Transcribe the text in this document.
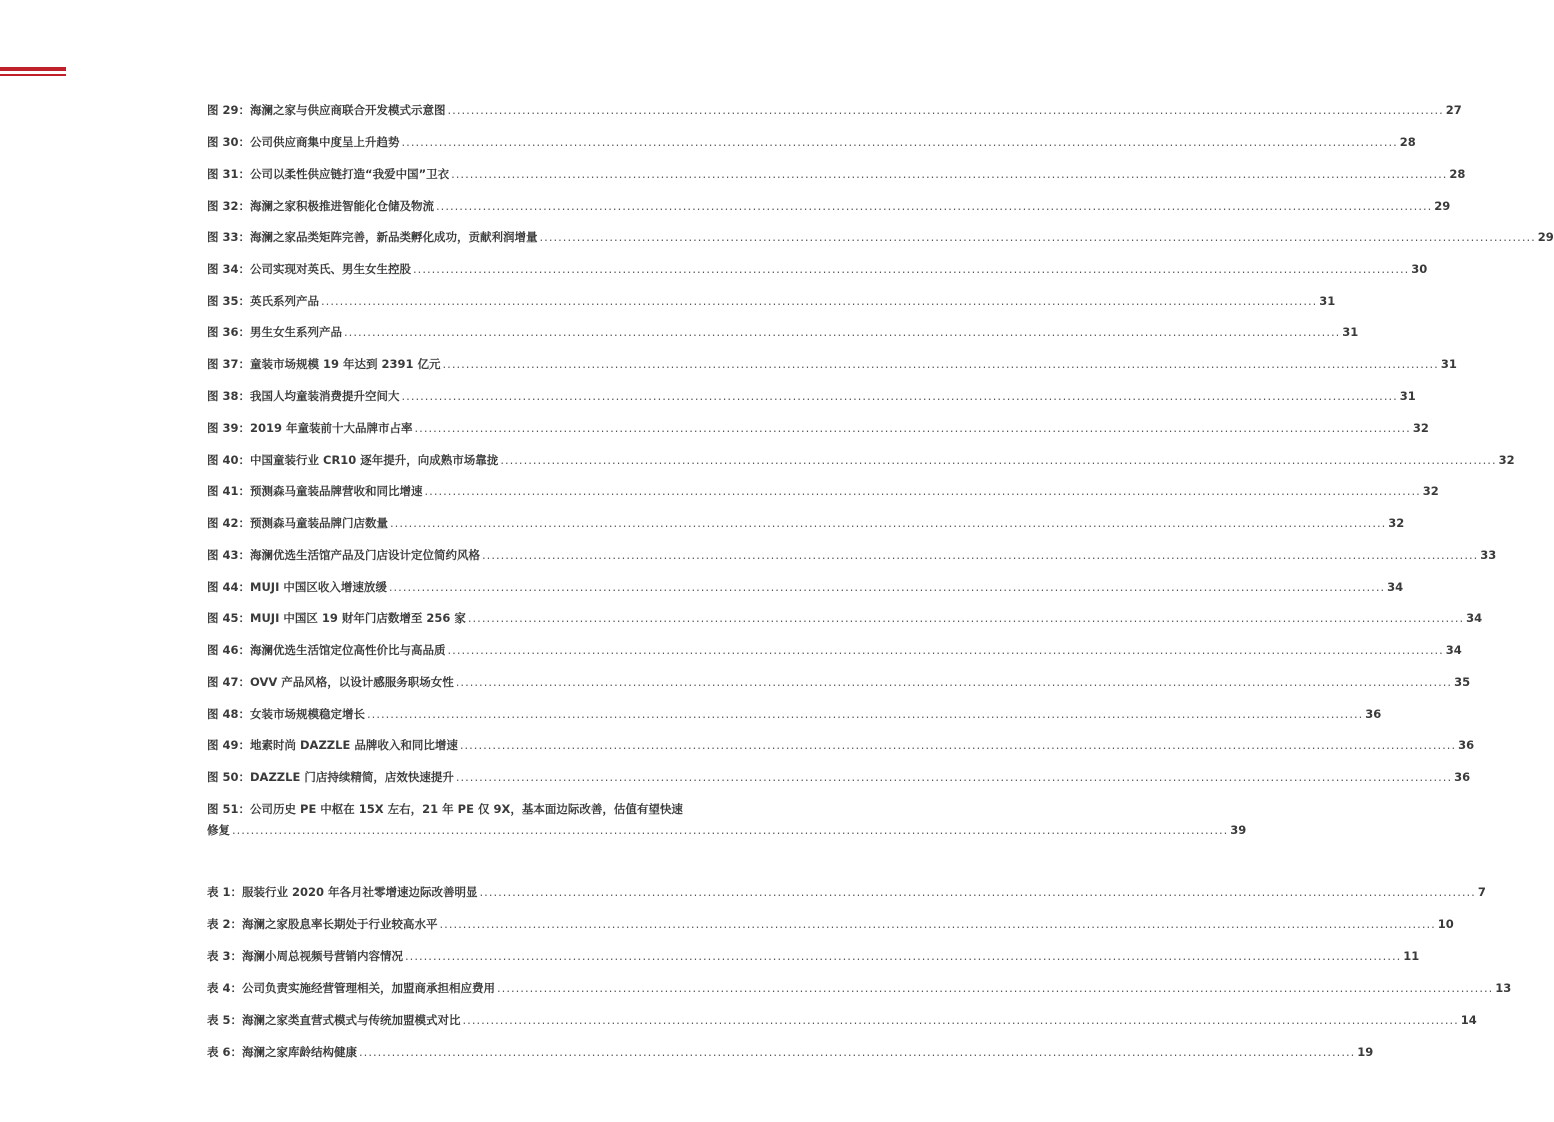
图 29：海澜之家与供应商联合开发模式示意图 .....	27
图 30：公司供应商集中度呈上升趋势 .....	28
图 31：公司以柔性供应链打造“我爱中国”卫衣 .....	28
图 32：海澜之家积极推进智能化仓储及物流 .....	29
图 33：海澜之家品类矩阵完善，新品类孵化成功，贡献利润增量 .....	29
图 34：公司实现对英氏、男生女生控股 .....	30
图 35：英氏系列产品 .....	31
图 36：男生女生系列产品 .....	31
图 37：童装市场规模 19 年达到 2391 亿元 .....	31
图 38：我国人均童装消费提升空间大 .....	31
图 39：2019 年童装前十大品牌市占率 .....	32
图 40：中国童装行业 CR10 逐年提升，向成熟市场靠拢 .....	32
图 41：预测森马童装品牌营收和同比增速 .....	32
图 42：预测森马童装品牌门店数量 .....	32
图 43：海澜优选生活馆产品及门店设计定位简约风格 .....	33
图 44：MUJI 中国区收入增速放缓 .....	34
图 45：MUJI 中国区 19 财年门店数增至 256 家 .....	34
图 46：海澜优选生活馆定位高性价比与高品质 .....	34
图 47：OVV 产品风格，以设计感服务职场女性 .....	35
图 48：女装市场规模稳定增长 .....	36
图 49：地素时尚 DAZZLE 品牌收入和同比增速 .....	36
图 50：DAZZLE 门店持续精简，店效快速提升 .....	36
图 51：公司历史 PE 中枢在 15X 左右，21 年 PE 仅 9X，基本面边际改善，估值有望快速
修复 .....	39
表 1：服装行业 2020 年各月社零增速边际改善明显 .....	7
表 2：海澜之家股息率长期处于行业较高水平 .....	10
表 3：海澜小周总视频号营销内容情况 .....	11
表 4：公司负责实施经营管理相关，加盟商承担相应费用 .....	13
表 5：海澜之家类直营式模式与传统加盟模式对比 .....	14
表 6：海澜之家库龄结构健康 .....	19
